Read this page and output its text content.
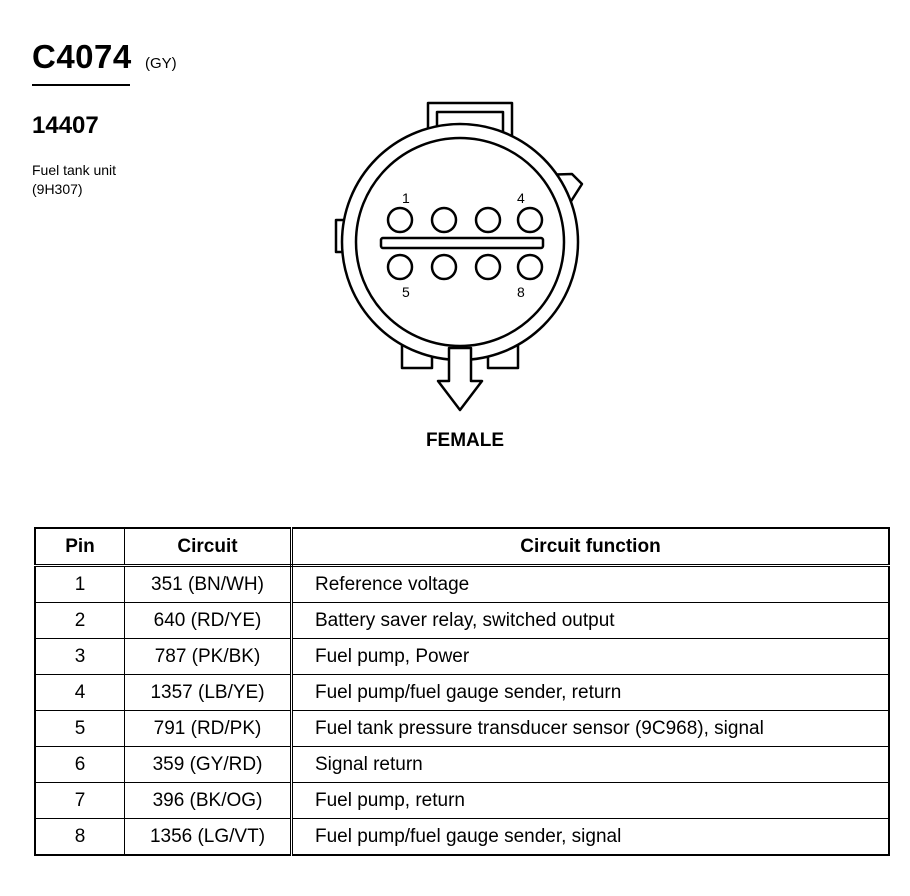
C4074 (GY)
14407
Fuel tank unit
(9H307)
1	4
5	8
FEMALE
Pin	Circuit	Circuit function
1	351 (BN/WH)	Reference voltage
2	640 (RD/YE)	Battery saver relay, switched output
3	787 (PK/BK)	Fuel pump, Power
4	1357 (LB/YE)	Fuel pump/fuel gauge sender, return
5	791 (RD/PK)	Fuel tank pressure transducer sensor (9C968), signal
6	359 (GY/RD)	Signal return
7	396 (BK/OG)	Fuel pump, return
8	1356 (LG/VT)	Fuel pump/fuel gauge sender, signal
